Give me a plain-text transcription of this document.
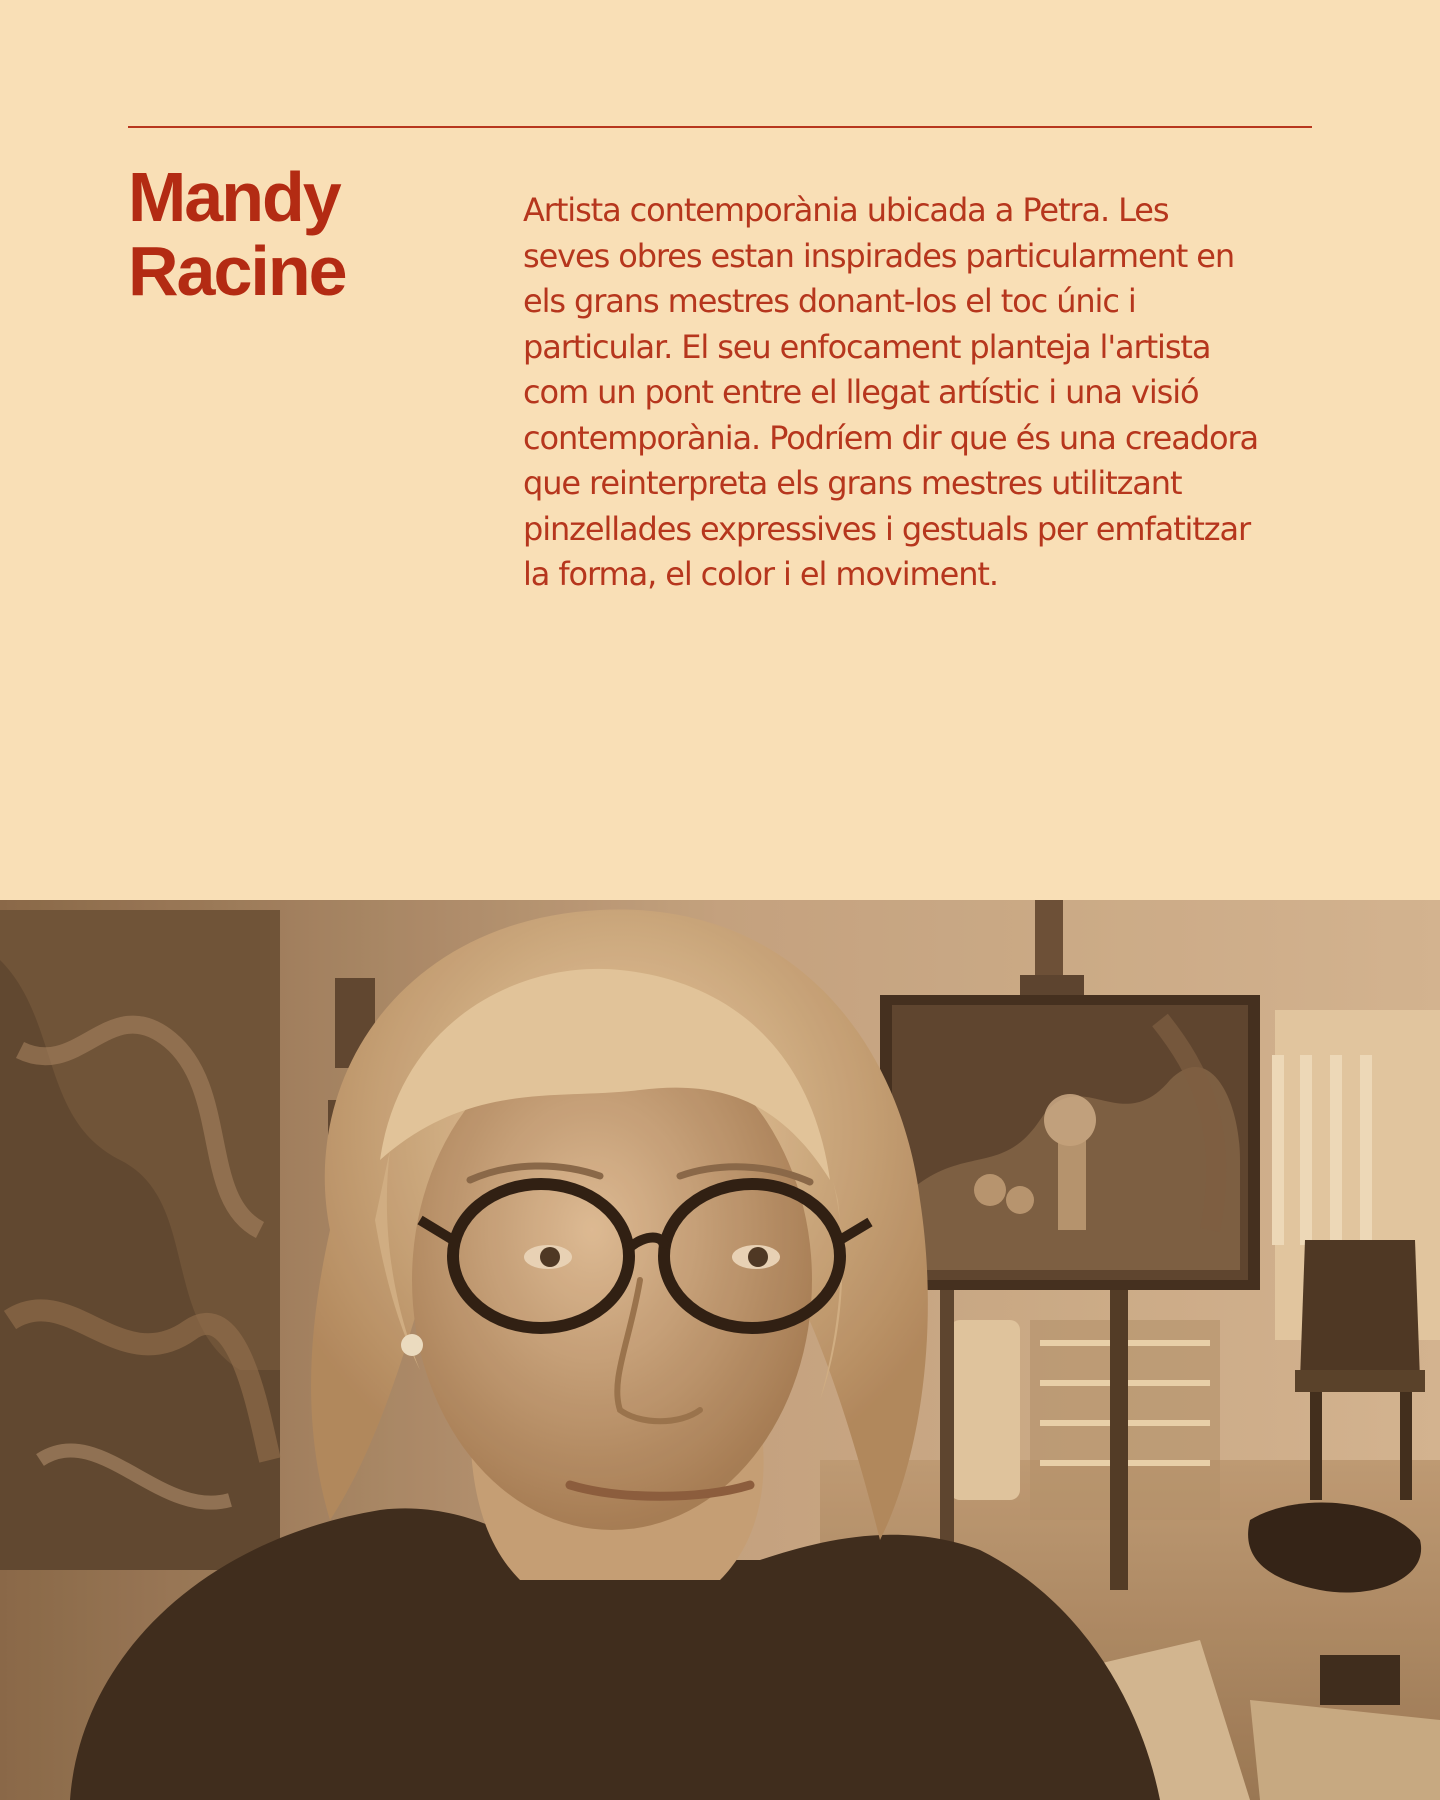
Mandy
Racine

Artista contemporània ubicada a Petra. Les seves obres estan inspirades particularment en els grans mestres donant-los el toc únic i particular. El seu enfocament planteja l'artista com un pont entre el llegat artístic i una visió contemporània. Podríem dir que és una creadora que reinterpreta els grans mestres utilitzant pinzellades expressives i gestuals per emfatitzar la forma, el color i el moviment.
